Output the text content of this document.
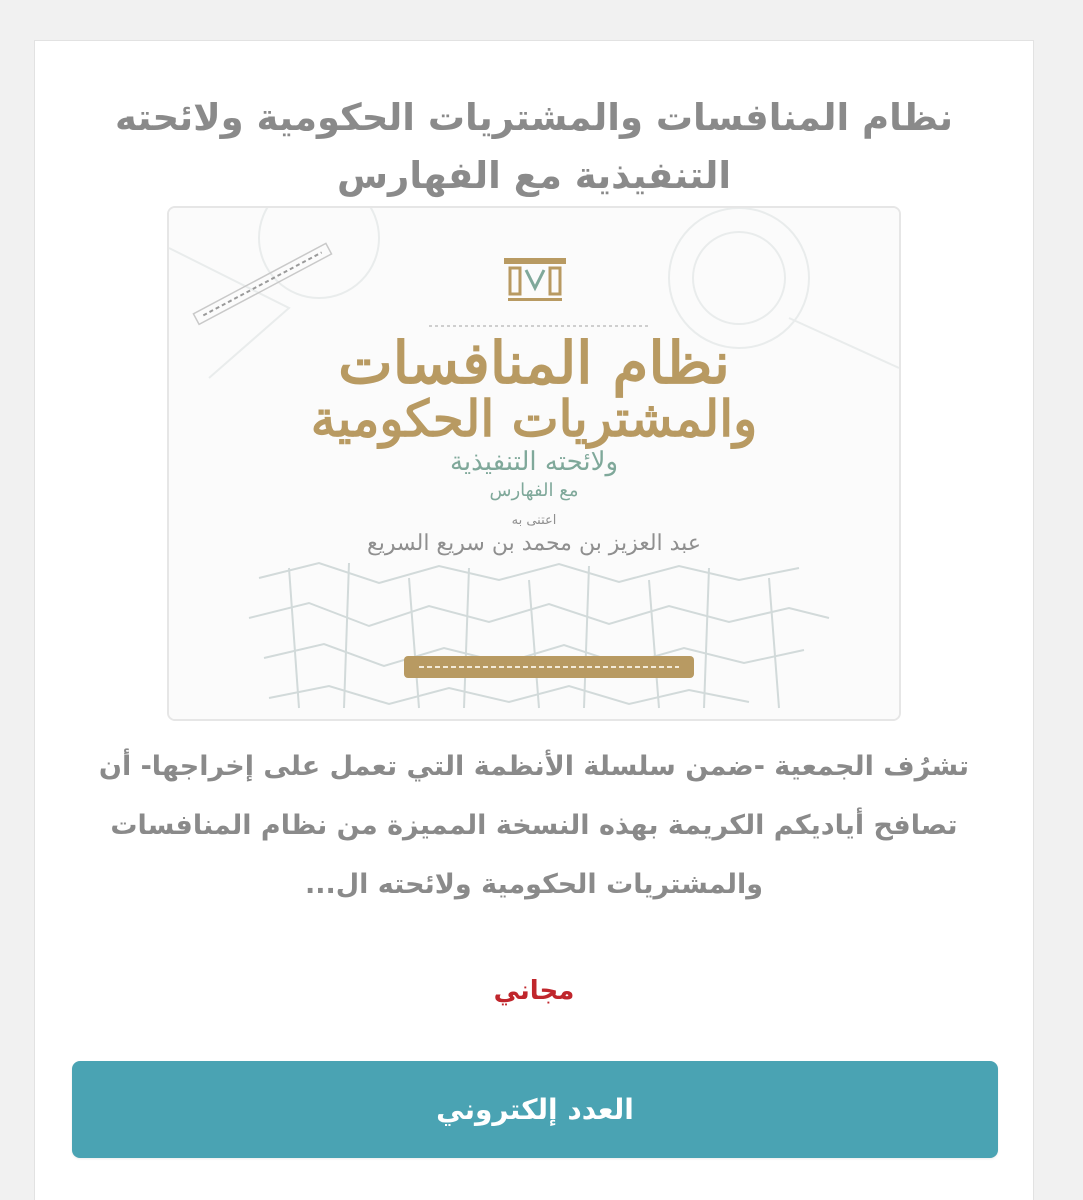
نظام المنافسات والمشتريات الحكومية ولائحته التنفيذية مع الفهارس
نظام المنافسات
والمشتريات الحكومية
ولائحته التنفيذية
مع الفهارس
اعتنى به
عبد العزيز بن محمد بن سريع السريع

تشرُف الجمعية -ضمن سلسلة الأنظمة التي تعمل على إخراجها- أن تصافح أياديكم الكريمة بهذه النسخة المميزة من نظام المنافسات والمشتريات الحكومية ولائحته ال...

مجاني
العدد إلكتروني
